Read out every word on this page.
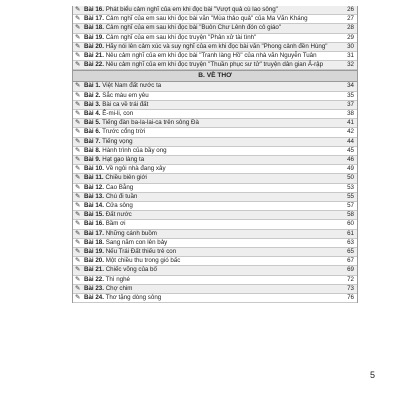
✎ Bài 16. Phát biểu cảm nghĩ của em khi đọc bài "Vượt quả cù lao sông"	26
✎ Bài 17. Cảm nghĩ của em sau khi đọc bài văn "Mùa thảo quả" của Ma Văn Kháng	27
✎ Bài 18. Cảm nghĩ của em sau khi đọc bài "Buôn Chư Lênh đón cô giáo"	28
✎ Bài 19. Cảm nghĩ của em sau khi đọc truyện "Phân xử tài tình"	29
✎ Bài 20. Hãy nói lên cảm xúc và suy nghĩ của em khi đọc bài văn "Phong cảnh đền Hùng"	30
✎ Bài 21. Nêu cảm nghĩ của em khi đọc bài "Tranh làng Hồ" của nhà văn Nguyễn Tuân	31
✎ Bài 22. Nêu cảm nghĩ của em khi đọc truyện "Thuần phục sư tử" truyện dân gian Ả-rập	32
B. VỀ THƠ
✎ Bài 1. Việt Nam đất nước ta	34
✎ Bài 2. Sắc màu em yêu	35
✎ Bài 3. Bài ca về trái đất	37
✎ Bài 4. Ê-mi-li, con	38
✎ Bài 5. Tiếng đàn ba-la-lai-ca trên sông Đà	41
✎ Bài 6. Trước cổng trời	42
✎ Bài 7. Tiếng vọng	44
✎ Bài 8. Hành trình của bầy ong	45
✎ Bài 9. Hạt gạo làng ta	46
✎ Bài 10. Về ngôi nhà đang xây	49
✎ Bài 11. Chiều biên giới	50
✎ Bài 12. Cao Bằng	53
✎ Bài 13. Chú đi tuần	55
✎ Bài 14. Cửa sông	57
✎ Bài 15. Đất nước	58
✎ Bài 16. Bầm ơi	60
✎ Bài 17. Những cánh buồm	61
✎ Bài 18. Sang năm con lên bảy	63
✎ Bài 19. Nếu Trái Đất thiếu trẻ con	65
✎ Bài 20. Một chiều thu trong gió bấc	67
✎ Bài 21. Chiếc võng của bố	69
✎ Bài 22. Thì nghé	72
✎ Bài 23. Chợ chim	73
✎ Bài 24. Thơ tặng dòng sông	76
5
